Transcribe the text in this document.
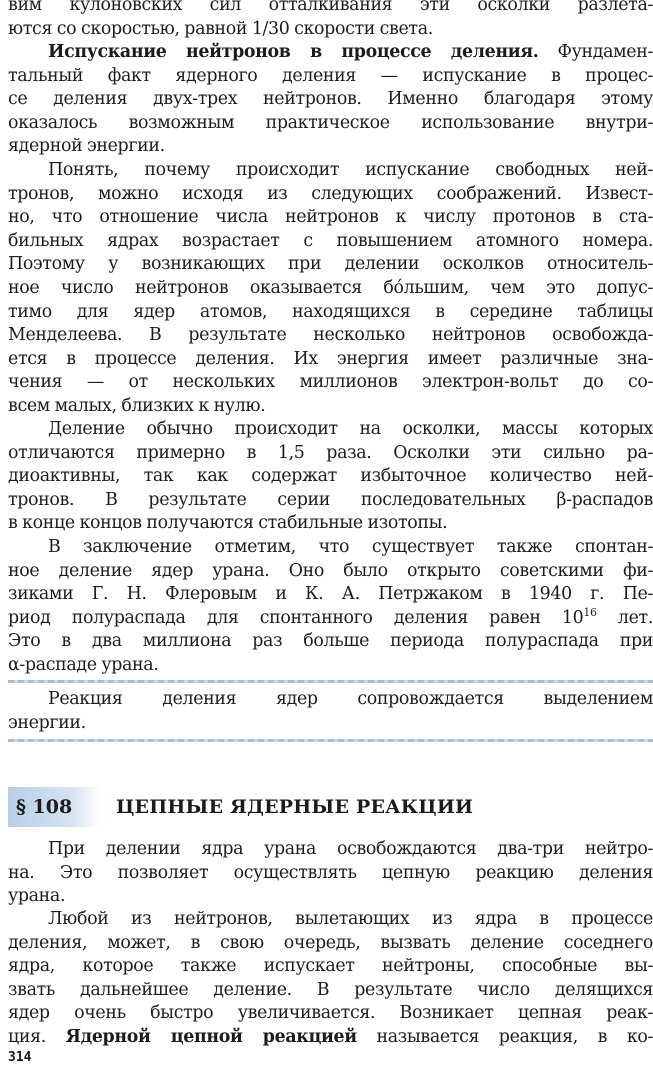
вим кулоновских сил отталкивания эти осколки разлета-
ются со скоростью, равной 1/30 скорости света.
Испускание нейтронов в процессе деления. Фундамен-
тальный факт ядерного деления — испускание в процес-
се деления двух-трех нейтронов. Именно благодаря этому
оказалось возможным практическое использование внутри-
ядерной энергии.
Понять, почему происходит испускание свободных ней-
тронов, можно исходя из следующих соображений. Извест-
но, что отношение числа нейтронов к числу протонов в ста-
бильных ядрах возрастает с повышением атомного номера.
Поэтому у возникающих при делении осколков относитель-
ное число нейтронов оказывается бо́льшим, чем это допус-
тимо для ядер атомов, находящихся в середине таблицы
Менделеева. В результате несколько нейтронов освобожда-
ется в процессе деления. Их энергия имеет различные зна-
чения — от нескольких миллионов электрон-вольт до со-
всем малых, близких к нулю.
Деление обычно происходит на осколки, массы которых
отличаются примерно в 1,5 раза. Осколки эти сильно ра-
диоактивны, так как содержат избыточное количество ней-
тронов. В результате серии последовательных β-распадов
в конце концов получаются стабильные изотопы.
В заключение отметим, что существует также спонтан-
ное деление ядер урана. Оно было открыто советскими фи-
зиками Г. Н. Флеровым и К. А. Петржаком в 1940 г. Пе-
риод полураспада для спонтанного деления равен $10^{16}$ лет.
Это в два миллиона раз больше периода полураспада при
α-распаде урана.
Реакция деления ядер сопровождается выделением
энергии.
§ 108	ЦЕПНЫЕ ЯДЕРНЫЕ РЕАКЦИИ
При делении ядра урана освобождаются два-три нейтро-
на. Это позволяет осуществлять цепную реакцию деления
урана.
Любой из нейтронов, вылетающих из ядра в процессе
деления, может, в свою очередь, вызвать деление соседнего
ядра, которое также испускает нейтроны, способные вы-
звать дальнейшее деление. В результате число делящихся
ядер очень быстро увеличивается. Возникает цепная реак-
ция. Ядерной цепной реакцией называется реакция, в ко-
314
